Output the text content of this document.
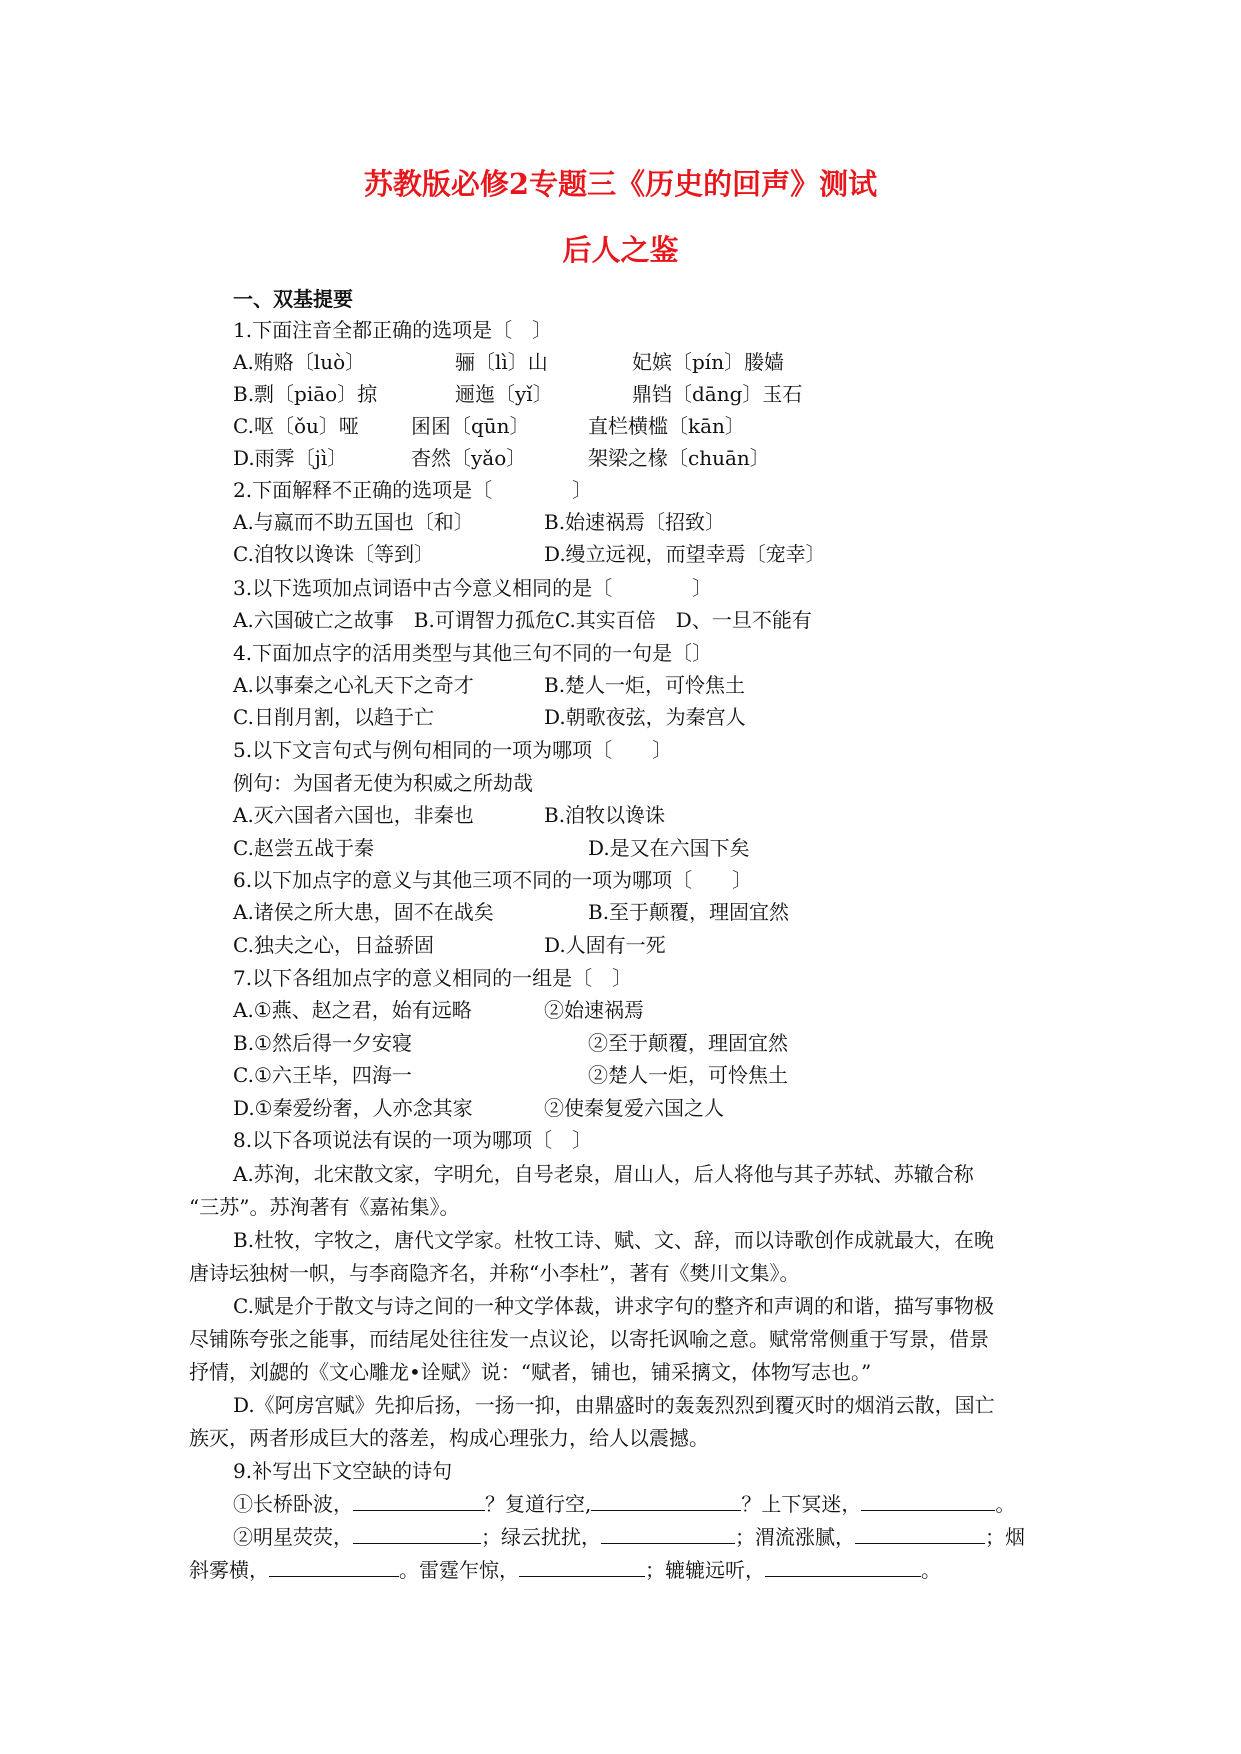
苏教版必修2专题三《历史的回声》测试
后人之鉴
一、双基提要
1.下面注音全都正确的选项是〔　〕
A.贿赂〔luò〕	骊〔lì〕山	妃嫔〔pín〕媵嫱
B.剽〔piāo〕掠	逦迤〔yǐ〕	鼎铛〔dāng〕玉石
C.呕〔ǒu〕哑	囷囷〔qūn〕	直栏横槛〔kān〕
D.雨霁〔jì〕	杳然〔yǎo〕	架梁之椽〔chuān〕
2.下面解释不正确的选项是〔　　　　〕
A.与嬴而不助五国也〔和〕	B.始速祸焉〔招致〕
C.洎牧以谗诛〔等到〕	D.缦立远视，而望幸焉〔宠幸〕
3.以下选项加点词语中古今意义相同的是〔　　　　〕
A.六国破亡之故事　B.可谓智力孤危C.其实百倍　D、一旦不能有
4.下面加点字的活用类型与其他三句不同的一句是〔〕
A.以事秦之心礼天下之奇才	B.楚人一炬，可怜焦土
C.日削月割，以趋于亡	D.朝歌夜弦，为秦宫人
5.以下文言句式与例句相同的一项为哪项〔　　〕
例句：为国者无使为积威之所劫哉
A.灭六国者六国也，非秦也	B.洎牧以谗诛
C.赵尝五战于秦	D.是又在六国下矣
6.以下加点字的意义与其他三项不同的一项为哪项〔　　〕
A.诸侯之所大患，固不在战矣	B.至于颠覆，理固宜然
C.独夫之心，日益骄固	D.人固有一死
7.以下各组加点字的意义相同的一组是〔　〕
A.①燕、赵之君，始有远略	②始速祸焉
B.①然后得一夕安寝	②至于颠覆，理固宜然
C.①六王毕，四海一	②楚人一炬，可怜焦土
D.①秦爱纷奢，人亦念其家	②使秦复爱六国之人
8.以下各项说法有误的一项为哪项〔　〕
A.苏洵，北宋散文家，字明允，自号老泉，眉山人，后人将他与其子苏轼、苏辙合称
“三苏”。苏洵著有《嘉祐集》。
B.杜牧，字牧之，唐代文学家。杜牧工诗、赋、文、辞，而以诗歌创作成就最大，在晚
唐诗坛独树一帜，与李商隐齐名，并称“小李杜”，著有《樊川文集》。
C.赋是介于散文与诗之间的一种文学体裁，讲求字句的整齐和声调的和谐，描写事物极
尽铺陈夸张之能事，而结尾处往往发一点议论，以寄托讽喻之意。赋常常侧重于写景，借景
抒情，刘勰的《文心雕龙•诠赋》说：“赋者，铺也，铺采摛文，体物写志也。”
D.《阿房宫赋》先抑后扬，一扬一抑，由鼎盛时的轰轰烈烈到覆灭时的烟消云散，国亡
族灭，两者形成巨大的落差，构成心理张力，给人以震撼。
9.补写出下文空缺的诗句
①长桥卧波，	？复道行空,	？上下冥迷，	。
②明星荧荧，	；绿云扰扰，	；渭流涨腻，	；烟
斜雾横，	。雷霆乍惊，	；辘辘远听，	。
